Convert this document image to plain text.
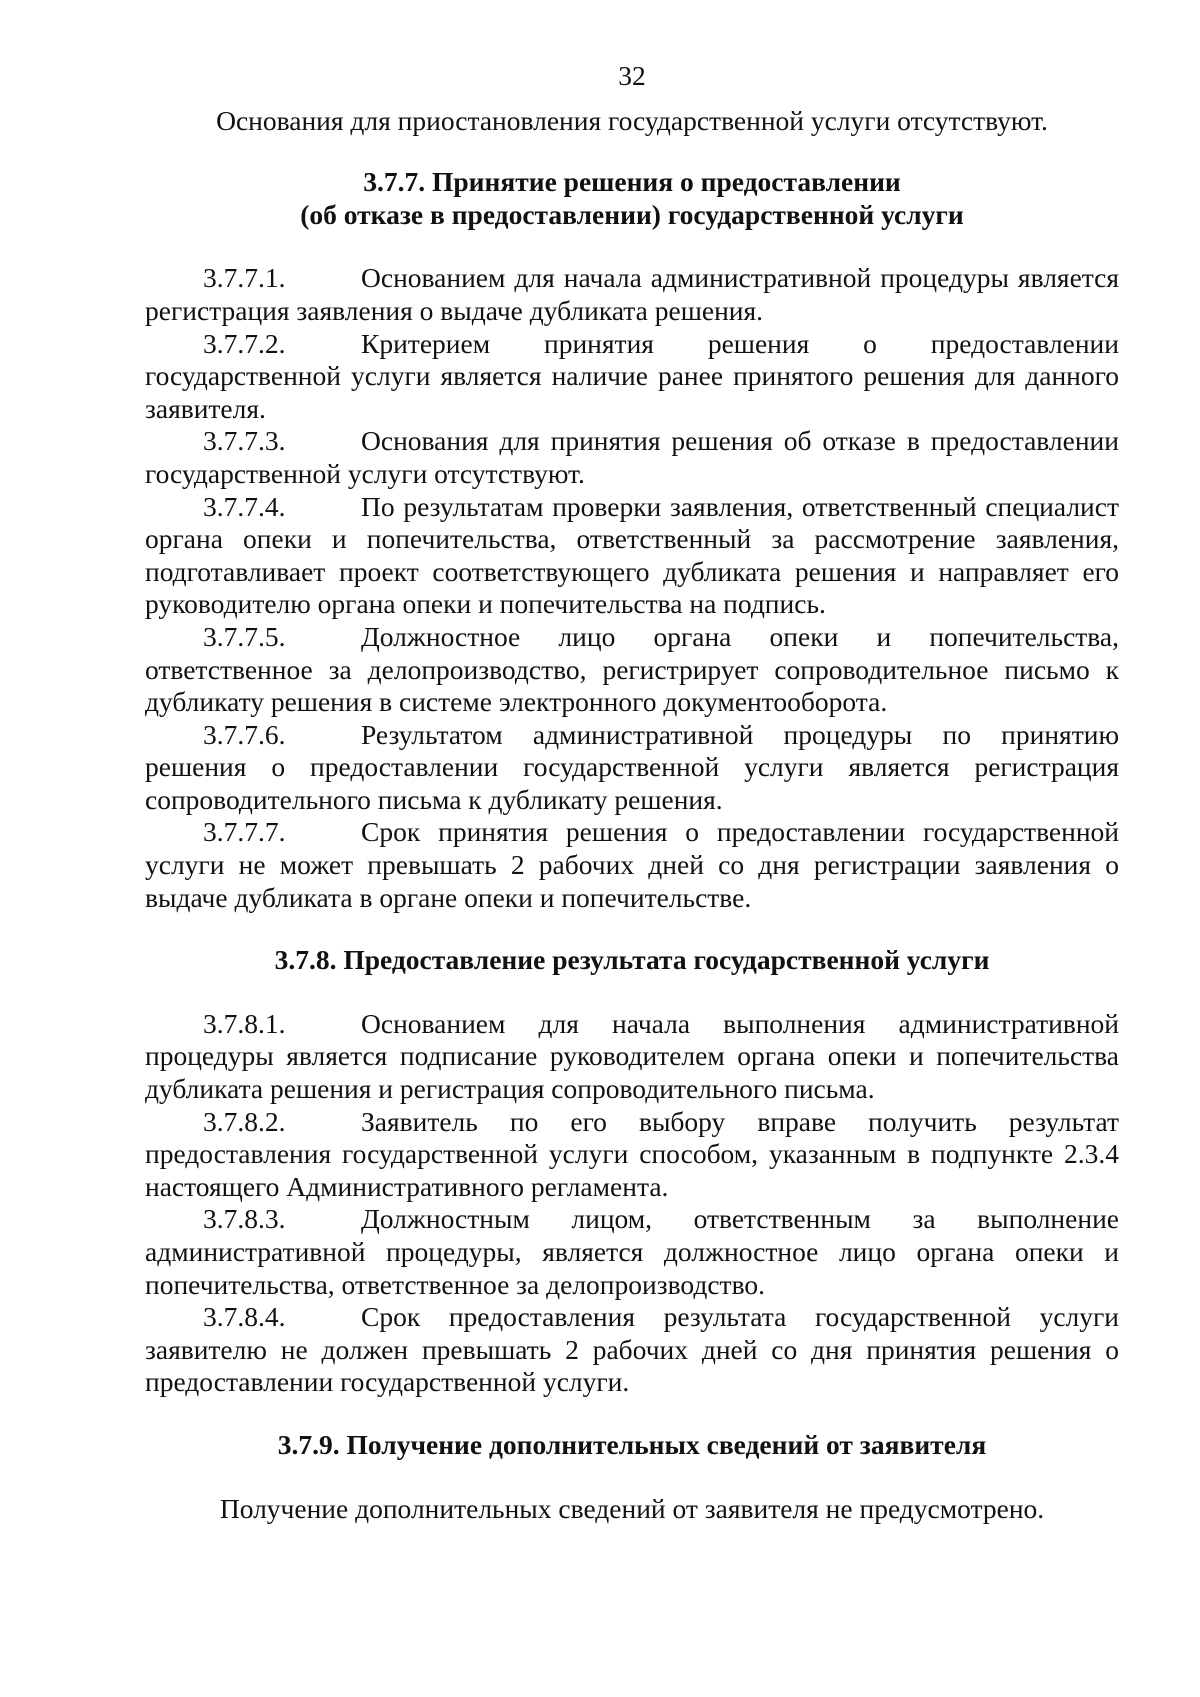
32

Основания для приостановления государственной услуги отсутствуют.

3.7.7. Принятие решения о предоставлении
(об отказе в предоставлении) государственной услуги

3.7.7.1.	Основанием для начала административной процедуры является регистрация заявления о выдаче дубликата решения.

3.7.7.2.	Критерием принятия решения о предоставлении государственной услуги является наличие ранее принятого решения для данного заявителя.

3.7.7.3.	Основания для принятия решения об отказе в предоставлении государственной услуги отсутствуют.

3.7.7.4.	По результатам проверки заявления, ответственный специалист органа опеки и попечительства, ответственный за рассмотрение заявления, подготавливает проект соответствующего дубликата решения и направляет его руководителю органа опеки и попечительства на подпись.

3.7.7.5.	Должностное лицо органа опеки и попечительства, ответственное за делопроизводство, регистрирует сопроводительное письмо к дубликату решения в системе электронного документооборота.

3.7.7.6.	Результатом административной процедуры по принятию решения о предоставлении государственной услуги является регистрация сопроводительного письма к дубликату решения.

3.7.7.7.	Срок принятия решения о предоставлении государственной услуги не может превышать 2 рабочих дней со дня регистрации заявления о выдаче дубликата в органе опеки и попечительстве.

3.7.8. Предоставление результата государственной услуги

3.7.8.1.	Основанием для начала выполнения административной процедуры является подписание руководителем органа опеки и попечительства дубликата решения и регистрация сопроводительного письма.

3.7.8.2.	Заявитель по его выбору вправе получить результат предоставления государственной услуги способом, указанным в подпункте 2.3.4 настоящего Административного регламента.

3.7.8.3.	Должностным лицом, ответственным за выполнение административной процедуры, является должностное лицо органа опеки и попечительства, ответственное за делопроизводство.

3.7.8.4.	Срок предоставления результата государственной услуги заявителю не должен превышать 2 рабочих дней со дня принятия решения о предоставлении государственной услуги.

3.7.9. Получение дополнительных сведений от заявителя

Получение дополнительных сведений от заявителя не предусмотрено.
